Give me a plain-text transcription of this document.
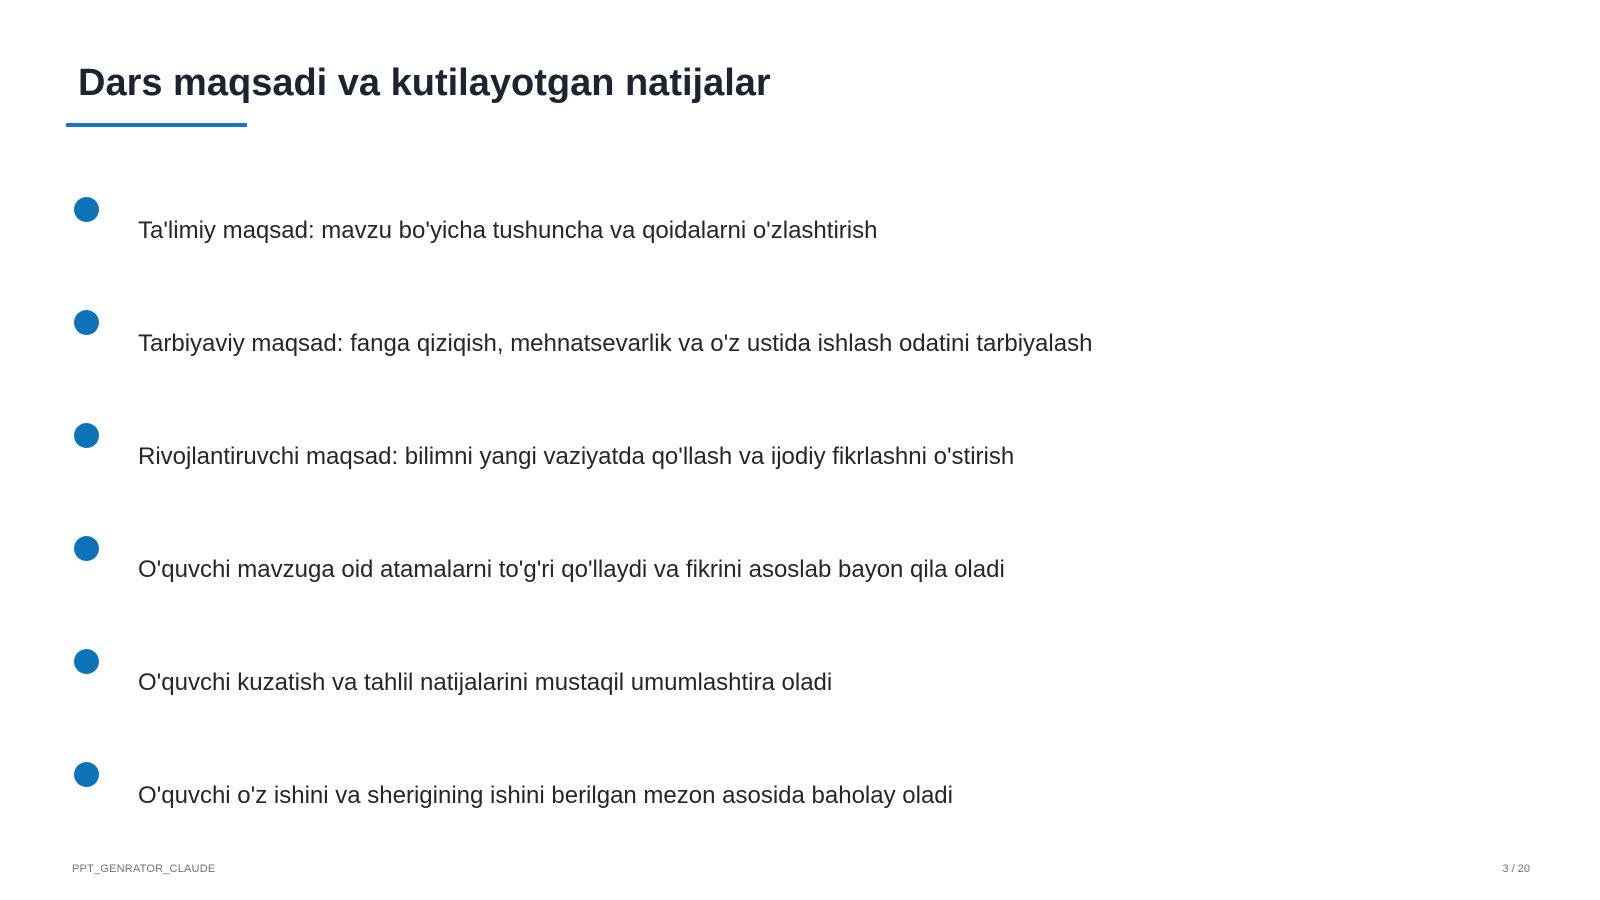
Dars maqsadi va kutilayotgan natijalar
Ta'limiy maqsad: mavzu bo'yicha tushuncha va qoidalarni o'zlashtirish
Tarbiyaviy maqsad: fanga qiziqish, mehnatsevarlik va o'z ustida ishlash odatini tarbiyalash
Rivojlantiruvchi maqsad: bilimni yangi vaziyatda qo'llash va ijodiy fikrlashni o'stirish
O'quvchi mavzuga oid atamalarni to'g'ri qo'llaydi va fikrini asoslab bayon qila oladi
O'quvchi kuzatish va tahlil natijalarini mustaqil umumlashtira oladi
O'quvchi o'z ishini va sherigining ishini berilgan mezon asosida baholay oladi
PPT_GENRATOR_CLAUDE	3 / 20
